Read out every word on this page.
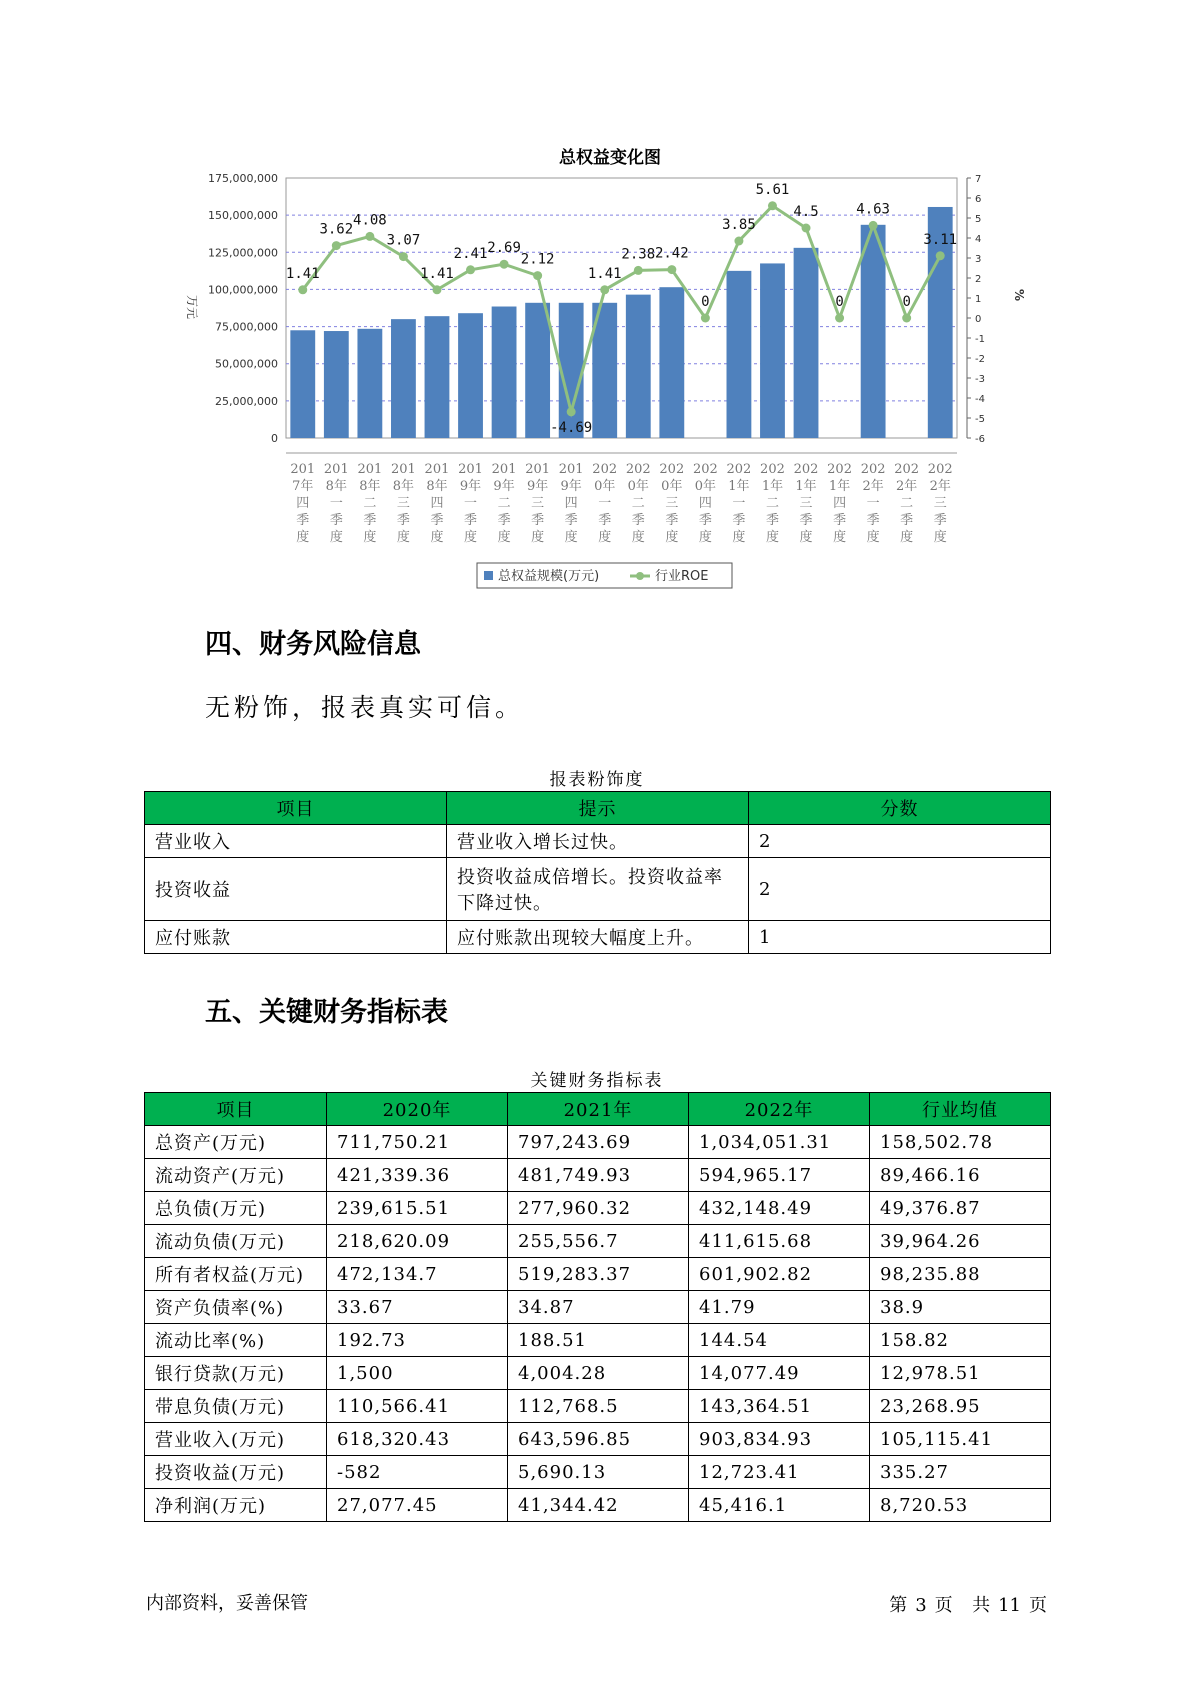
总权益变化图
175,000,000
150,000,000
125,000,000
100,000,000
75,000,000
50,000,000
25,000,000
0
7
6
5
4
3
2
1
0
-1
-2
-3
-4
-5
-6
万元	%
1.41
3.62
4.08
3.07
1.41
2.41 2.69
2.12
-4.69
1.41
2.38 2.42
0
3.85
5.61
4.5
0
4.63
0
3.11
201
7年
四
季
度
201
8年
一
季
度
201
8年
二
季
度
201
8年
三
季
度
201
8年
四
季
度
201
9年
一
季
度
201
9年
二
季
度
201
9年
三
季
度
201
9年
四
季
度
202
0年
一
季
度
202
0年
二
季
度
202
0年
三
季
度
202
0年
四
季
度
202
1年
一
季
度
202
1年
二
季
度
202
1年
三
季
度
202
1年
四
季
度
202
2年
一
季
度
202
2年
二
季
度
202
2年
三
季
度
总权益规模(万元)	行业ROE
四、财务风险信息

无粉饰，报表真实可信。

报表粉饰度
项目	提示	分数
营业收入	营业收入增长过快。	2
投资收益	投资收益成倍增长。投资收益率下降过快。	2
应付账款	应付账款出现较大幅度上升。	1
五、关键财务指标表
关键财务指标表
项目	2020年	2021年	2022年	行业均值
总资产(万元)	711,750.21	797,243.69	1,034,051.31	158,502.78
流动资产(万元)	421,339.36	481,749.93	594,965.17	89,466.16
总负债(万元)	239,615.51	277,960.32	432,148.49	49,376.87
流动负债(万元)	218,620.09	255,556.7	411,615.68	39,964.26
所有者权益(万元)	472,134.7	519,283.37	601,902.82	98,235.88
资产负债率(%)	33.67	34.87	41.79	38.9
流动比率(%)	192.73	188.51	144.54	158.82
银行贷款(万元)	1,500	4,004.28	14,077.49	12,978.51
带息负债(万元)	110,566.41	112,768.5	143,364.51	23,268.95
营业收入(万元)	618,320.43	643,596.85	903,834.93	105,115.41
投资收益(万元)	-582	5,690.13	12,723.41	335.27
净利润(万元)	27,077.45	41,344.42	45,416.1	8,720.53
内部资料，妥善保管	第 3 页 共 11 页
